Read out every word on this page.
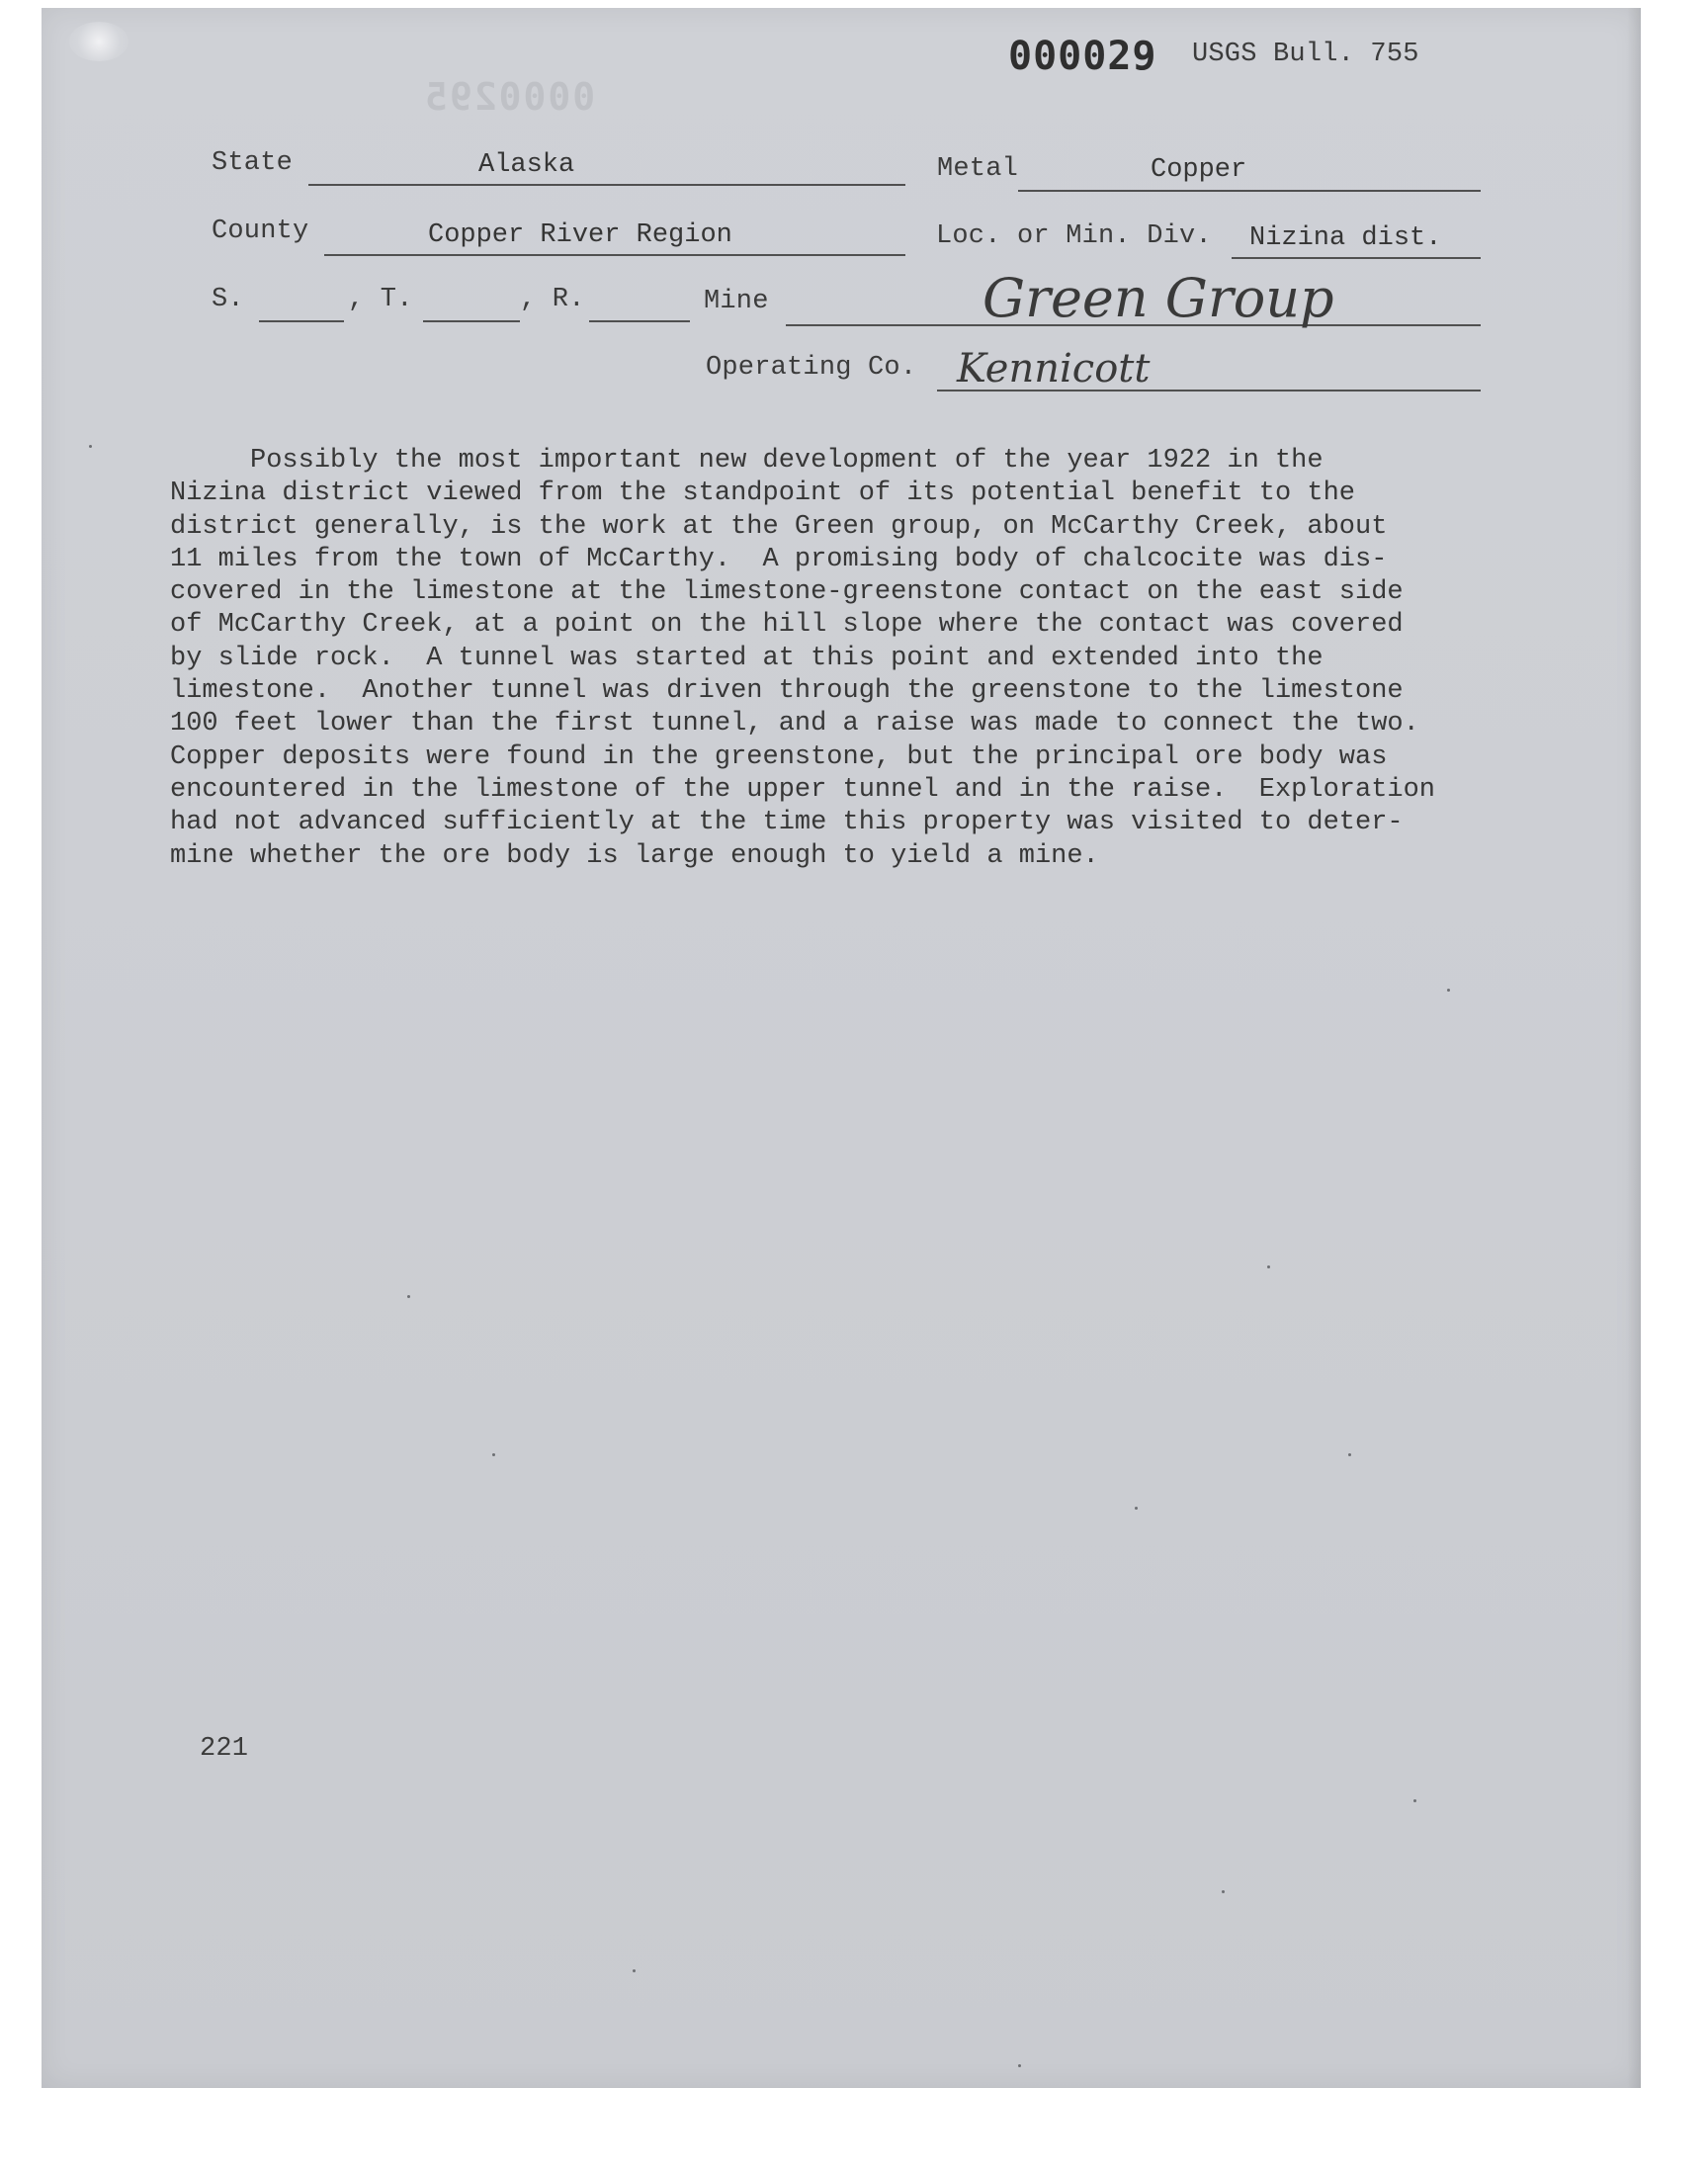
0000295
000029 USGS Bull. 755
State	Alaska	Metal	Copper
County	Copper River Region	Loc. or Min. Div. Nizina dist.
S.	, T.	, R.	Mine	Green Group
Operating Co. Kennicott
Possibly the most important new development of the year 1922 in the
Nizina district viewed from the standpoint of its potential benefit to the
district generally, is the work at the Green group, on McCarthy Creek, about
11 miles from the town of McCarthy.  A promising body of chalcocite was dis-
covered in the limestone at the limestone-greenstone contact on the east side
of McCarthy Creek, at a point on the hill slope where the contact was covered
by slide rock.  A tunnel was started at this point and extended into the
limestone.  Another tunnel was driven through the greenstone to the limestone
100 feet lower than the first tunnel, and a raise was made to connect the two.
Copper deposits were found in the greenstone, but the principal ore body was
encountered in the limestone of the upper tunnel and in the raise.  Exploration
had not advanced sufficiently at the time this property was visited to deter-
mine whether the ore body is large enough to yield a mine.
221
